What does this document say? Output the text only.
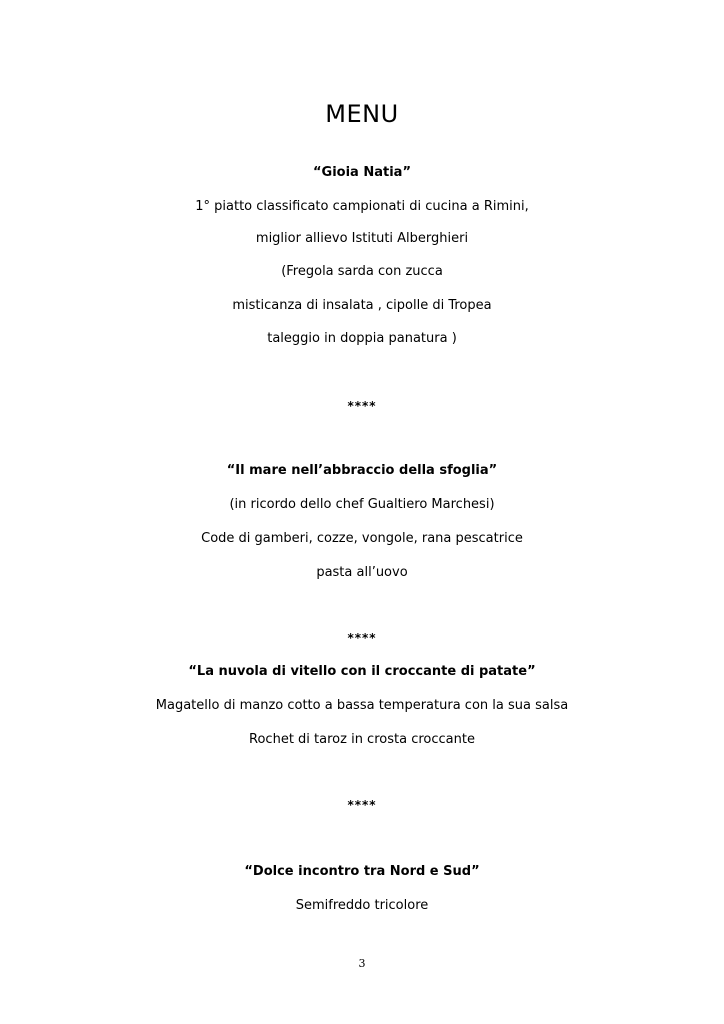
MENU
“Gioia Natia”
1° piatto classificato campionati di cucina a Rimini,
miglior allievo Istituti Alberghieri
(Fregola sarda con zucca
misticanza di insalata , cipolle di Tropea
taleggio in doppia panatura )
****
“Il mare nell’abbraccio della sfoglia”
(in ricordo dello chef Gualtiero Marchesi)
Code di gamberi, cozze, vongole, rana pescatrice
pasta all’uovo
****
“La nuvola di vitello con il croccante di patate”
Magatello di manzo cotto a bassa temperatura con la sua salsa
Rochet di taroz in crosta croccante
****
“Dolce incontro tra Nord e Sud”
Semifreddo tricolore
3
